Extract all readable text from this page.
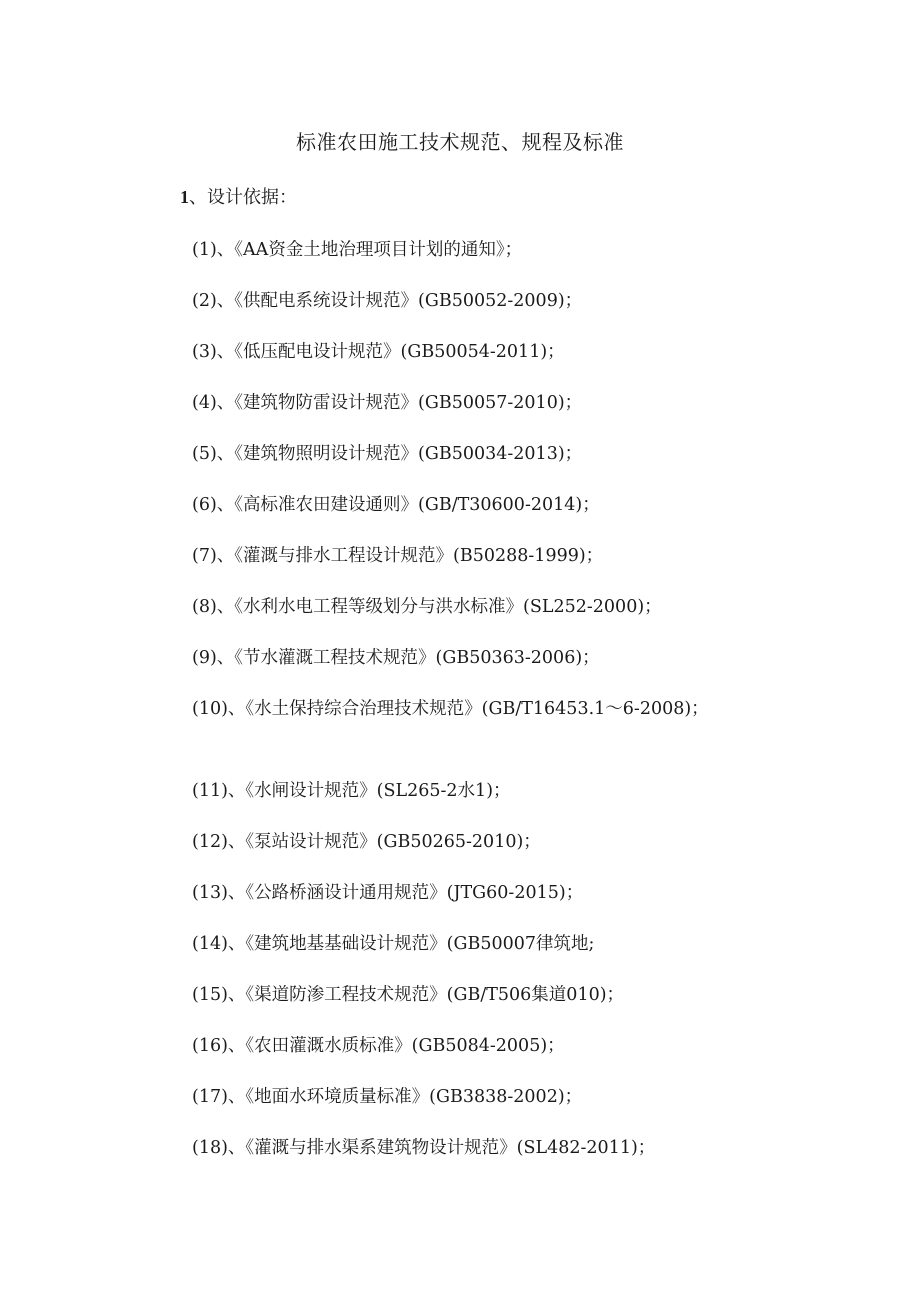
标准农田施工技术规范、规程及标准
1、设计依据：
(1)、《AA资金土地治理项目计划的通知》；
(2)、《供配电系统设计规范》(GB50052-2009)；
(3)、《低压配电设计规范》(GB50054-2011)；
(4)、《建筑物防雷设计规范》(GB50057-2010)；
(5)、《建筑物照明设计规范》(GB50034-2013)；
(6)、《高标准农田建设通则》(GB/T30600-2014)；
(7)、《灌溉与排水工程设计规范》(B50288-1999)；
(8)、《水利水电工程等级划分与洪水标准》(SL252-2000)；
(9)、《节水灌溉工程技术规范》(GB50363-2006)；
(10)、《水土保持综合治理技术规范》(GB/T16453.1～6-2008)；
(11)、《水闸设计规范》(SL265-2水1)；
(12)、《泵站设计规范》(GB50265-2010)；
(13)、《公路桥涵设计通用规范》(JTG60-2015)；
(14)、《建筑地基基础设计规范》(GB50007律筑地;
(15)、《渠道防渗工程技术规范》(GB/T506集道010)；
(16)、《农田灌溉水质标准》(GB5084-2005)；
(17)、《地面水环境质量标准》(GB3838-2002)；
(18)、《灌溉与排水渠系建筑物设计规范》(SL482-2011)；
